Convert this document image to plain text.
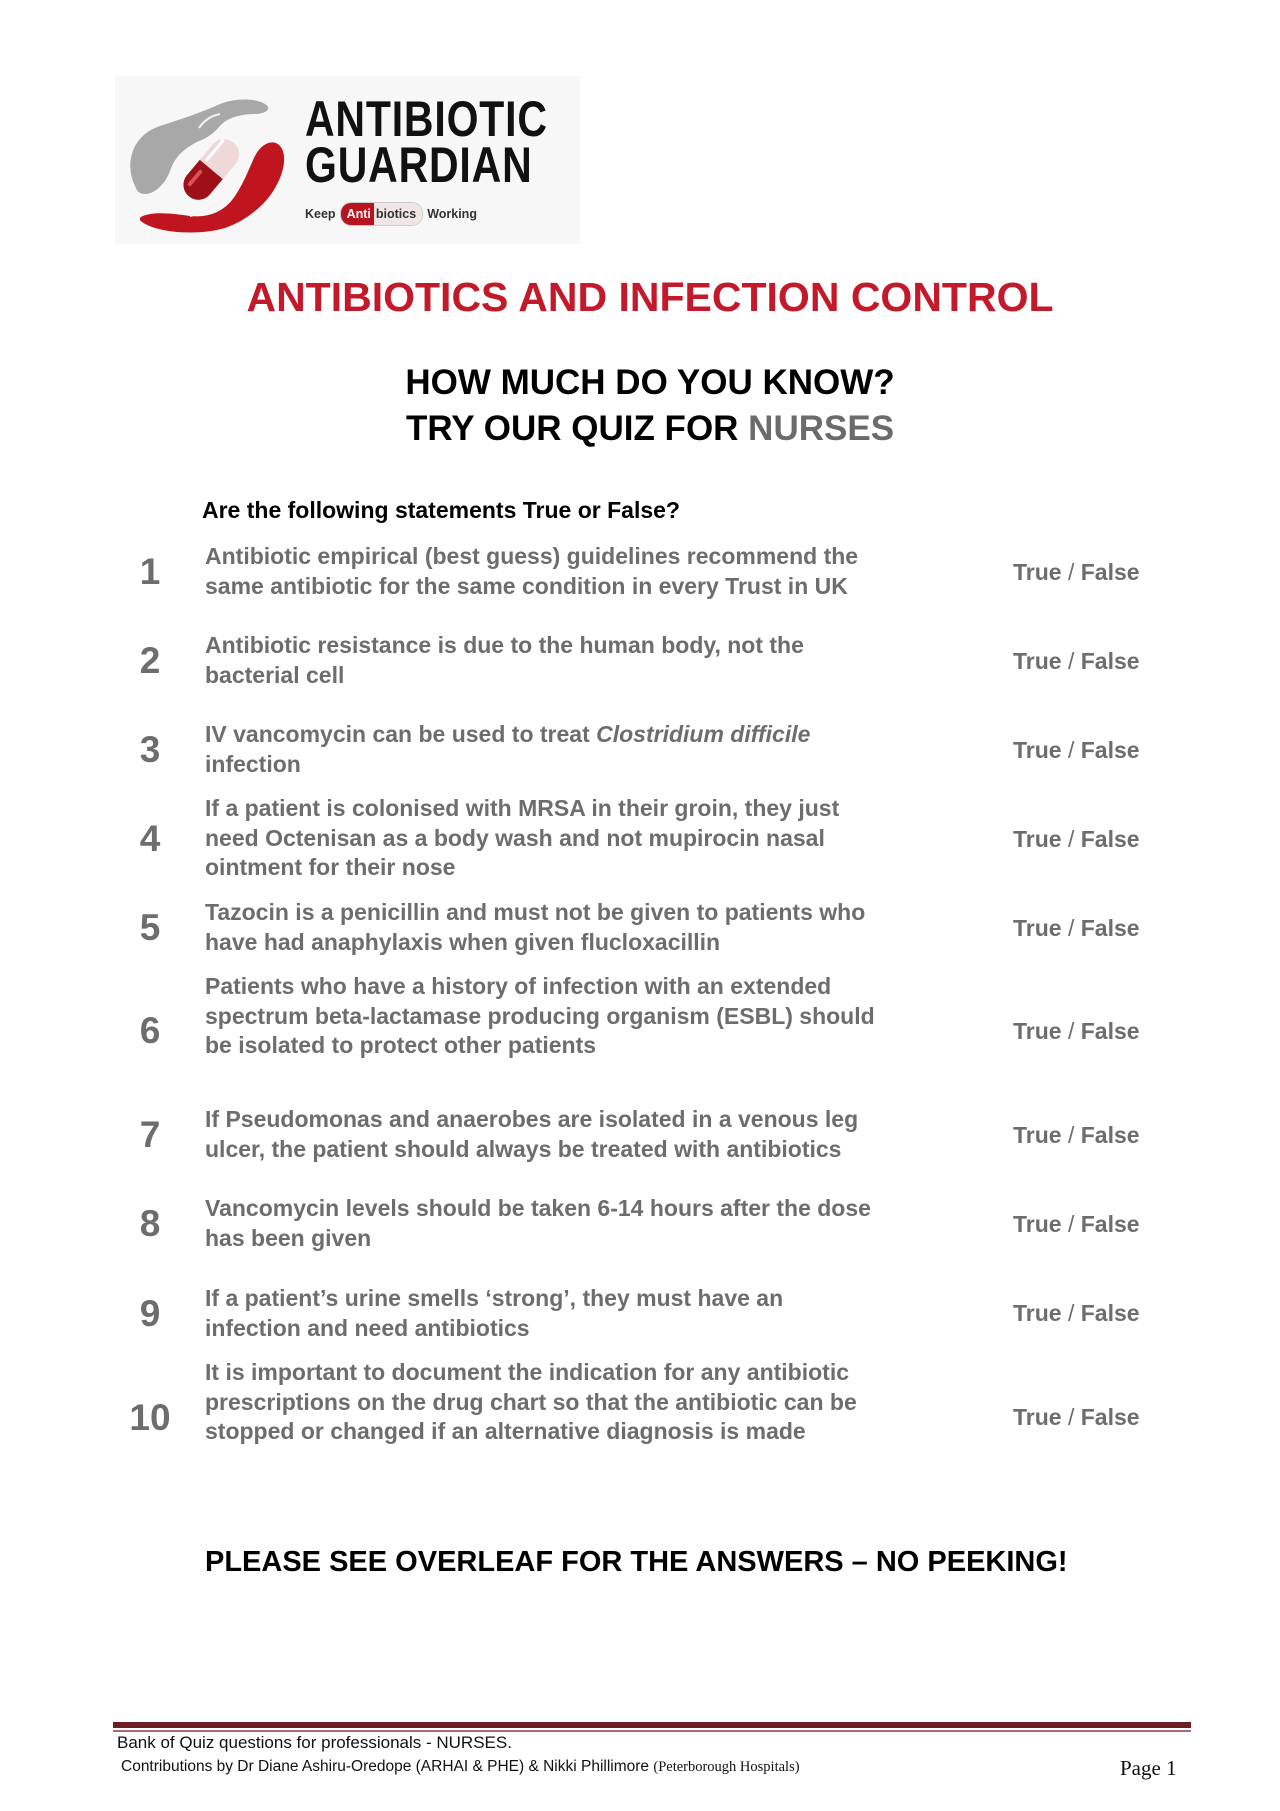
ANTIBIOTIC
GUARDIAN
Keep Anti biotics Working
ANTIBIOTICS AND INFECTION CONTROL
HOW MUCH DO YOU KNOW?
TRY OUR QUIZ FOR NURSES
Are the following statements True or False?
1	Antibiotic empirical (best guess) guidelines recommend the
same antibiotic for the same condition in every Trust in UK
True / False
2	Antibiotic resistance is due to the human body, not the
bacterial cell
True / False
3	IV vancomycin can be used to treat Clostridium difficile
infection
True / False
4
If a patient is colonised with MRSA in their groin, they just
need Octenisan as a body wash and not mupirocin nasal
ointment for their nose
True / False
5	Tazocin is a penicillin and must not be given to patients who
have had anaphylaxis when given flucloxacillin
True / False
6
Patients who have a history of infection with an extended
spectrum beta-lactamase producing organism (ESBL) should
be isolated to protect other patients
True / False
7	If Pseudomonas and anaerobes are isolated in a venous leg
ulcer, the patient should always be treated with antibiotics
True / False
8	Vancomycin levels should be taken 6-14 hours after the dose
has been given
True / False
9	If a patient’s urine smells ‘strong’, they must have an
infection and need antibiotics
True / False
10
It is important to document the indication for any antibiotic
prescriptions on the drug chart so that the antibiotic can be
stopped or changed if an alternative diagnosis is made
True / False
PLEASE SEE OVERLEAF FOR THE ANSWERS – NO PEEKING!
Bank of Quiz questions for professionals - NURSES.
Contributions by Dr Diane Ashiru-Oredope (ARHAI & PHE) & Nikki Phillimore (Peterborough Hospitals)	Page 1
